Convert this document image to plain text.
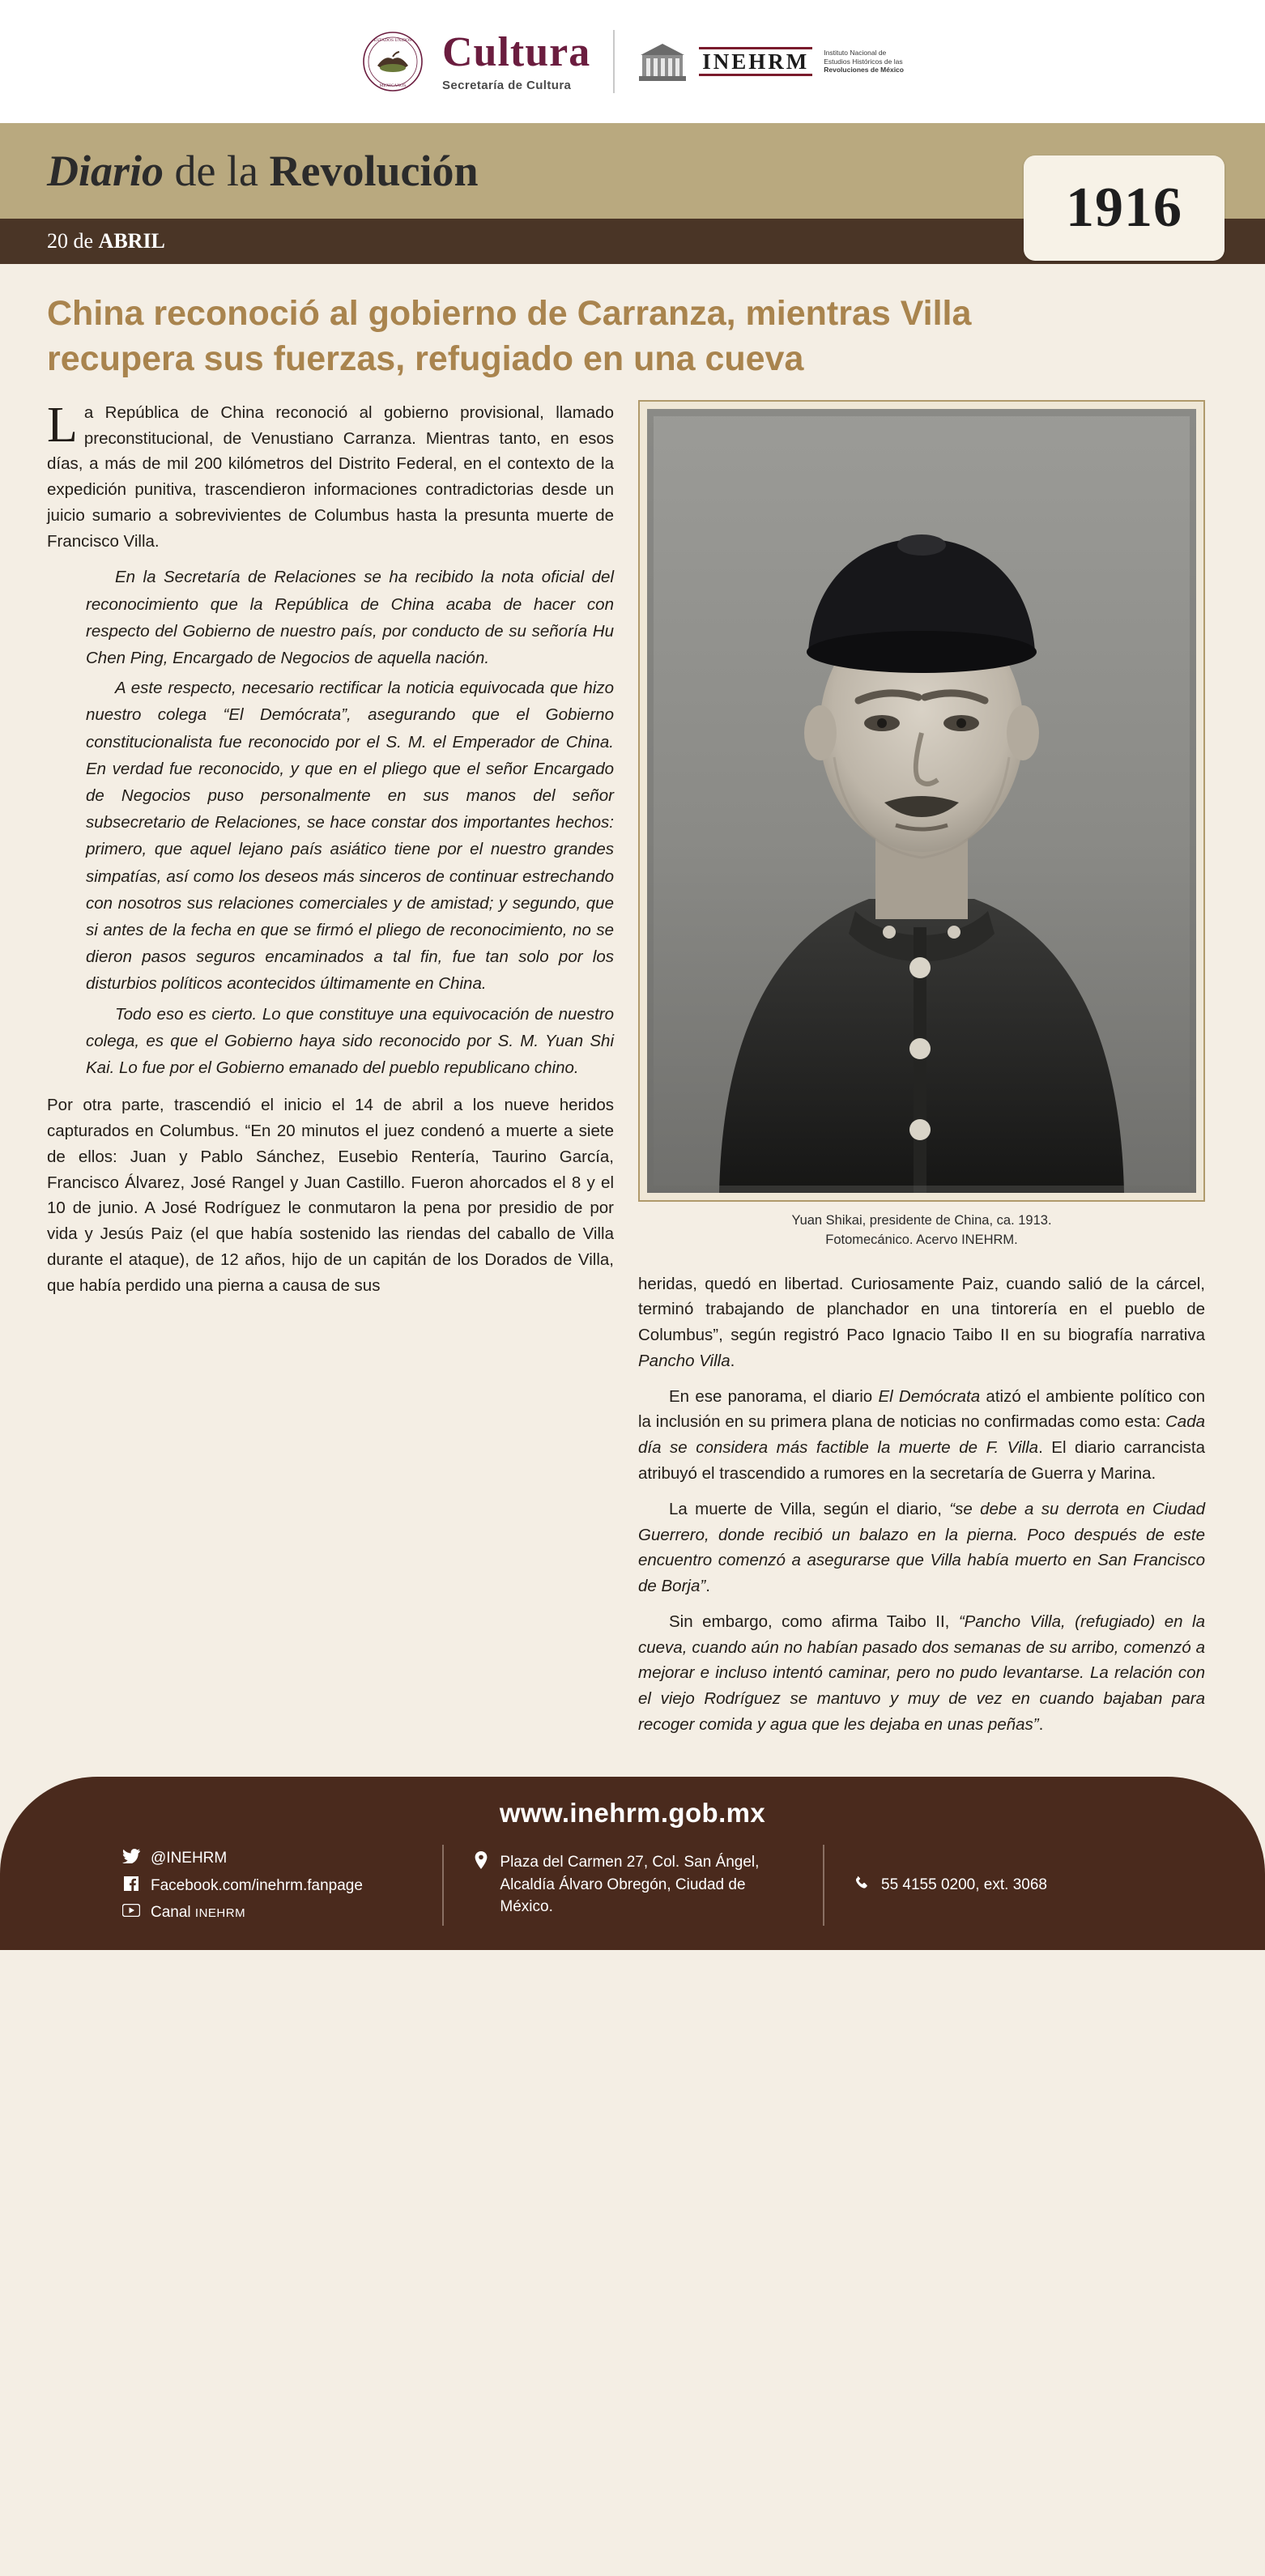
ESTADOS UNIDOS
MEXICANOS
Cultura
Secretaría de Cultura
INEHRM	Instituto Nacional de
Estudios Históricos de las
Revoluciones de México
Diario de la Revolución
1916
20 de ABRIL
China reconoció al gobierno de Carranza, mientras Villa recupera sus fuerzas, refugiado en una cueva

La República de China reconoció al gobierno provisional, llamado preconstitucional, de Venustiano Carranza. Mientras tanto, en esos días, a más de mil 200 kilómetros del Distrito Federal, en el contexto de la expedición punitiva, trascendieron informaciones contradictorias desde un juicio sumario a sobrevivientes de Columbus hasta la presunta muerte de Francisco Villa.

En la Secretaría de Relaciones se ha recibido la nota oficial del reconocimiento que la República de China acaba de hacer con respecto del Gobierno de nuestro país, por conducto de su señoría Hu Chen Ping, Encargado de Negocios de aquella nación.

A este respecto, necesario rectificar la noticia equivocada que hizo nuestro colega “El Demócrata”, asegurando que el Gobierno constitucionalista fue reconocido por el S. M. el Emperador de China. En verdad fue reconocido, y que en el pliego que el señor Encargado de Negocios puso personalmente en sus manos del señor subsecretario de Relaciones, se hace constar dos importantes hechos: primero, que aquel lejano país asiático tiene por el nuestro grandes simpatías, así como los deseos más sinceros de continuar estrechando con nosotros sus relaciones comerciales y de amistad; y segundo, que si antes de la fecha en que se firmó el pliego de reconocimiento, no se dieron pasos seguros encaminados a tal fin, fue tan solo por los disturbios políticos acontecidos últimamente en China.

Todo eso es cierto. Lo que constituye una equivocación de nuestro colega, es que el Gobierno haya sido reconocido por S. M. Yuan Shi Kai. Lo fue por el Gobierno emanado del pueblo republicano chino.

Por otra parte, trascendió el inicio el 14 de abril a los nueve heridos capturados en Columbus. “En 20 minutos el juez condenó a muerte a siete de ellos: Juan y Pablo Sánchez, Eusebio Rentería, Taurino García, Francisco Álvarez, José Rangel y Juan Castillo. Fueron ahorcados el 8 y el 10 de junio. A José Rodríguez le conmutaron la pena por presidio de por vida y Jesús Paiz (el que había sostenido las riendas del caballo de Villa durante el ataque), de 12 años, hijo de un capitán de los Dorados de Villa, que había perdido una pierna a causa de sus

Yuan Shikai, presidente de China, ca. 1913.
Fotomecánico. Acervo INEHRM.

heridas, quedó en libertad. Curiosamente Paiz, cuando salió de la cárcel, terminó trabajando de planchador en una tintorería en el pueblo de Columbus”, según registró Paco Ignacio Taibo II en su biografía narrativa Pancho Villa.

En ese panorama, el diario El Demócrata atizó el ambiente político con la inclusión en su primera plana de noticias no confirmadas como esta: Cada día se considera más factible la muerte de F. Villa. El diario carrancista atribuyó el trascendido a rumores en la secretaría de Guerra y Marina.

La muerte de Villa, según el diario, “se debe a su derrota en Ciudad Guerrero, donde recibió un balazo en la pierna. Poco después de este encuentro comenzó a asegurarse que Villa había muerto en San Francisco de Borja”.

Sin embargo, como afirma Taibo II, “Pancho Villa, (refugiado) en la cueva, cuando aún no habían pasado dos semanas de su arribo, comenzó a mejorar e incluso intentó caminar, pero no pudo levantarse. La relación con el viejo Rodríguez se mantuvo y muy de vez en cuando bajaban para recoger comida y agua que les dejaba en unas peñas”.

www.inehrm.gob.mx
@INEHRM
Facebook.com/inehrm.fanpage
Canal INEHRM
Plaza del Carmen 27, Col. San Ángel,
Alcaldía Álvaro Obregón, Ciudad de México.
55 4155 0200, ext. 3068
